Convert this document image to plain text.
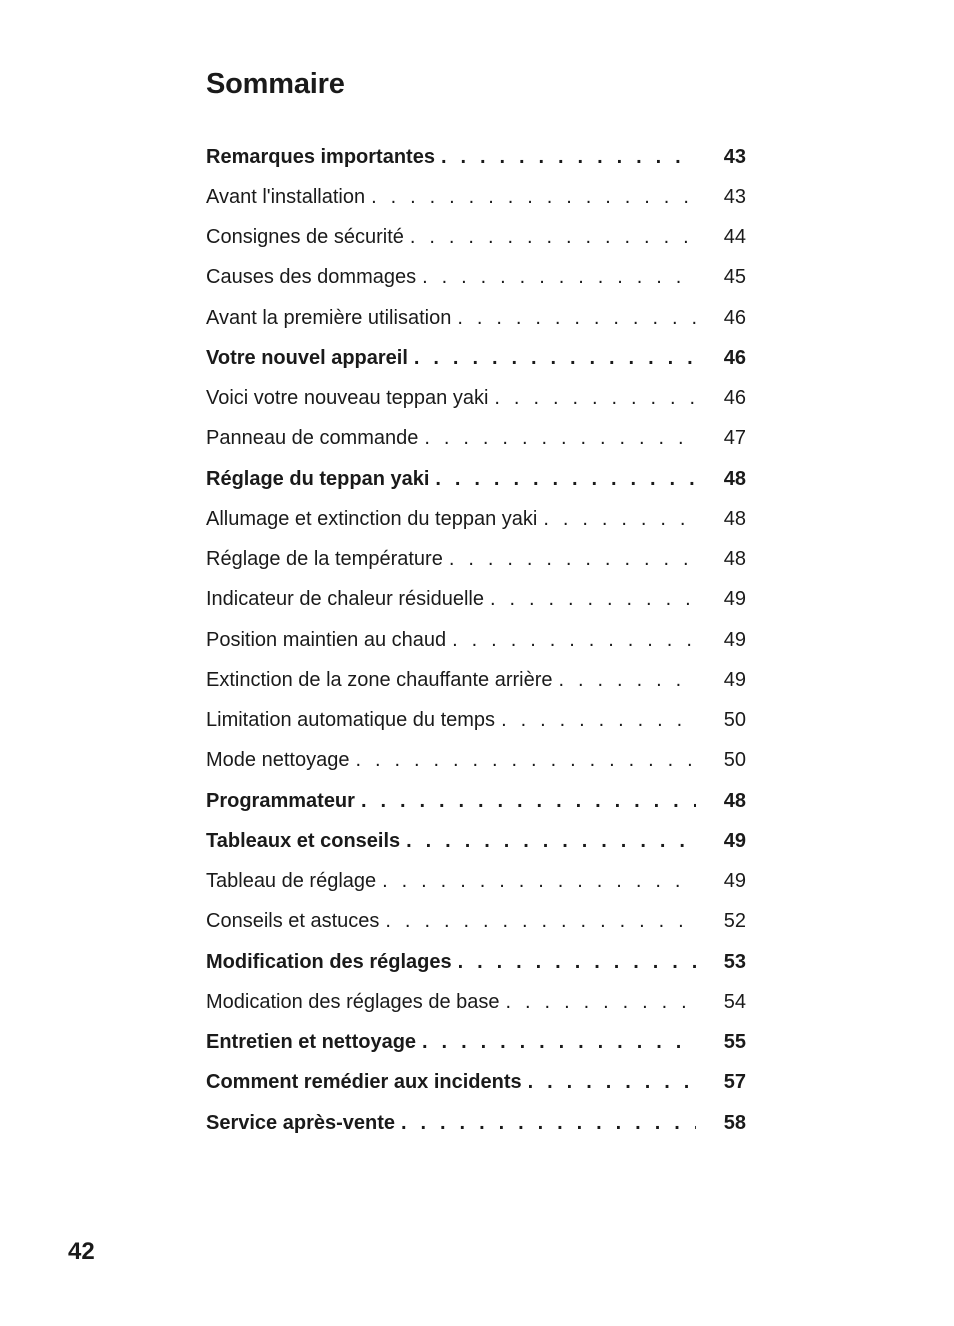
Sommaire
Remarques importantes . . .	43
Avant l'installation . . .	43
Consignes de sécurité . . .	44
Causes des dommages . . .	45
Avant la première utilisation . . .	46
Votre nouvel appareil . . .	46
Voici votre nouveau teppan yaki . . .	46
Panneau de commande . . .	47
Réglage du teppan yaki . . .	48
Allumage et extinction du teppan yaki . . .	48
Réglage de la température . . .	48
Indicateur de chaleur résiduelle . . .	49
Position maintien au chaud . . .	49
Extinction de la zone chauffante arrière . . .	49
Limitation automatique du temps . . .	50
Mode nettoyage . . .	50
Programmateur . . .	48
Tableaux et conseils . . .	49
Tableau de réglage . . .	49
Conseils et astuces . . .	52
Modification des réglages . . .	53
Modication des réglages de base . . .	54
Entretien et nettoyage . . .	55
Comment remédier aux incidents . . .	57
Service après-vente . . .	58
42
